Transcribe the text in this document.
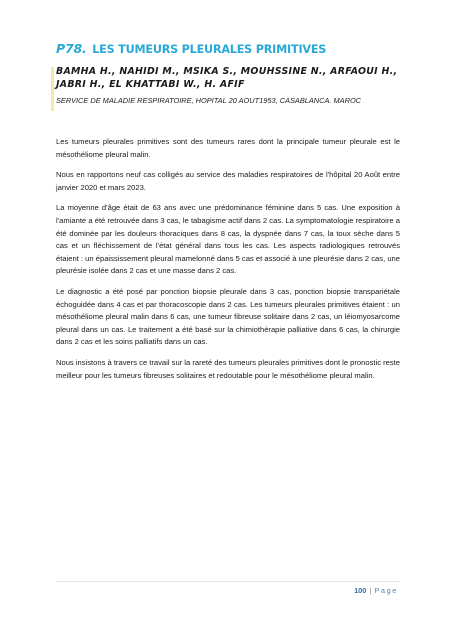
P78. LES TUMEURS PLEURALES PRIMITIVES

BAMHA H., NAHIDI M., MSIKA S., MOUHSSINE N., ARFAOUI H., JABRI H., EL KHATTABI W., H. AFIF

SERVICE DE MALADIE RESPIRATOIRE, HOPITAL 20 AOUT1953, CASABLANCA. MAROC

Les tumeurs pleurales primitives sont des tumeurs rares dont la principale tumeur pleurale est le mésothéliome pleural malin.

Nous en rapportons neuf cas colligés au service des maladies respiratoires de l'hôpital 20 Août entre janvier 2020 et mars 2023.

La moyenne d'âge était de 63 ans avec une prédominance féminine dans 5 cas. Une exposition à l'amiante a été retrouvée dans 3 cas, le tabagisme actif dans 2 cas. La symptomatologie respiratoire a été dominée par les douleurs thoraciques dans 8 cas, la dyspnée dans 7 cas, la toux sèche dans 5 cas et un fléchissement de l'état général dans tous les cas. Les aspects radiologiques retrouvés étaient : un épaississement pleural mamelonné dans 5 cas et associé à une pleurésie dans 2 cas, une pleurésie isolée dans 2 cas et une masse dans 2 cas.

Le diagnostic a été posé par ponction biopsie pleurale dans 3 cas, ponction biopsie transpariétale échoguidée dans 4 cas et par thoracoscopie dans 2 cas. Les tumeurs pleurales primitives étaient : un mésothéliome pleural malin dans 6 cas, une tumeur fibreuse solitaire dans 2 cas, un léiomyosarcome pleural dans un cas. Le traitement a été basé sur la chimiothérapie palliative dans 6 cas, la chirurgie dans 2 cas et les soins palliatifs dans un cas.

Nous insistons à travers ce travail sur la rareté des tumeurs pleurales primitives dont le pronostic reste meilleur pour les tumeurs fibreuses solitaires et redoutable pour le mésothéliome pleural malin.

100 | Page
